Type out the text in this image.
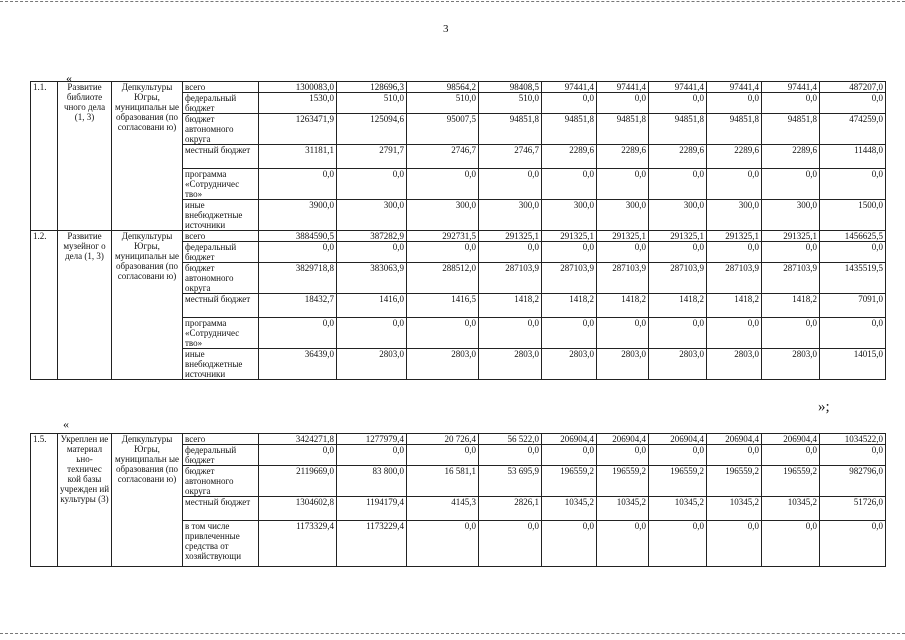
3
«
1.1.	Развитие библиоте чного дела (1, 3)	Депкультуры Югры, муниципальн ые образования (по согласовани ю)	всего	1300083,0	128696,3	98564,2	98408,5	97441,4	97441,4	97441,4	97441,4	97441,4	487207,0
			федеральный бюджет	1530,0	510,0	510,0	510,0	0,0	0,0	0,0	0,0	0,0	0,0
			бюджет автономного округа	1263471,9	125094,6	95007,5	94851,8	94851,8	94851,8	94851,8	94851,8	94851,8	474259,0
			местный бюджет	31181,1	2791,7	2746,7	2746,7	2289,6	2289,6	2289,6	2289,6	2289,6	11448,0
			программа «Сотрудничес тво»	0,0	0,0	0,0	0,0	0,0	0,0	0,0	0,0	0,0	0,0
			иные внебюджетные источники	3900,0	300,0	300,0	300,0	300,0	300,0	300,0	300,0	300,0	1500,0
1.2.	Развитие музейног о дела (1, 3)	Депкультуры Югры, муниципальн ые образования (по согласовани ю)	всего	3884590,5	387282,9	292731,5	291325,1	291325,1	291325,1	291325,1	291325,1	291325,1	1456625,5
			федеральный бюджет	0,0	0,0	0,0	0,0	0,0	0,0	0,0	0,0	0,0	0,0
			бюджет автономного округа	3829718,8	383063,9	288512,0	287103,9	287103,9	287103,9	287103,9	287103,9	287103,9	1435519,5
			местный бюджет	18432,7	1416,0	1416,5	1418,2	1418,2	1418,2	1418,2	1418,2	1418,2	7091,0
			программа «Сотрудничес тво»	0,0	0,0	0,0	0,0	0,0	0,0	0,0	0,0	0,0	0,0
			иные внебюджетные источники	36439,0	2803,0	2803,0	2803,0	2803,0	2803,0	2803,0	2803,0	2803,0	14015,0
»;
«
1.5.	Укреплен ие материал ьно- техничес кой базы учрежден ий культуры (3)	Депкультуры Югры, муниципальн ые образования (по согласовани ю)	всего	3424271,8	1277979,4	20 726,4	56 522,0	206904,4	206904,4	206904,4	206904,4	206904,4	1034522,0
			федеральный бюджет	0,0	0,0	0,0	0,0	0,0	0,0	0,0	0,0	0,0	0,0
			бюджет автономного округа	2119669,0	83 800,0	16 581,1	53 695,9	196559,2	196559,2	196559,2	196559,2	196559,2	982796,0
			местный бюджет	1304602,8	1194179,4	4145,3	2826,1	10345,2	10345,2	10345,2	10345,2	10345,2	51726,0
			в том числе привлеченные средства от хозяйствующи	1173329,4	1173229,4	0,0	0,0	0,0	0,0	0,0	0,0	0,0	0,0
